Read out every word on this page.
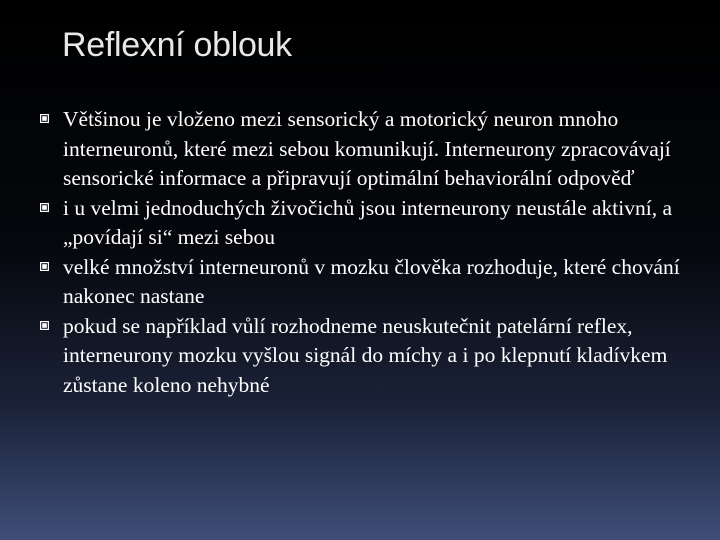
Reflexní oblouk
Většinou je vloženo mezi sensorický a motorický neuron mnoho interneuronů, které mezi sebou komunikují. Interneurony zpracovávají sensorické informace a připravují optimální behaviorální odpověď
i u velmi jednoduchých živočichů jsou interneurony neustále aktivní, a „povídají si“ mezi sebou
velké množství interneuronů v mozku člověka rozhoduje, které chování nakonec nastane
pokud se například vůlí rozhodneme neuskutečnit patelární reflex, interneurony mozku vyšlou signál do míchy a i po klepnutí kladívkem zůstane koleno nehybné
